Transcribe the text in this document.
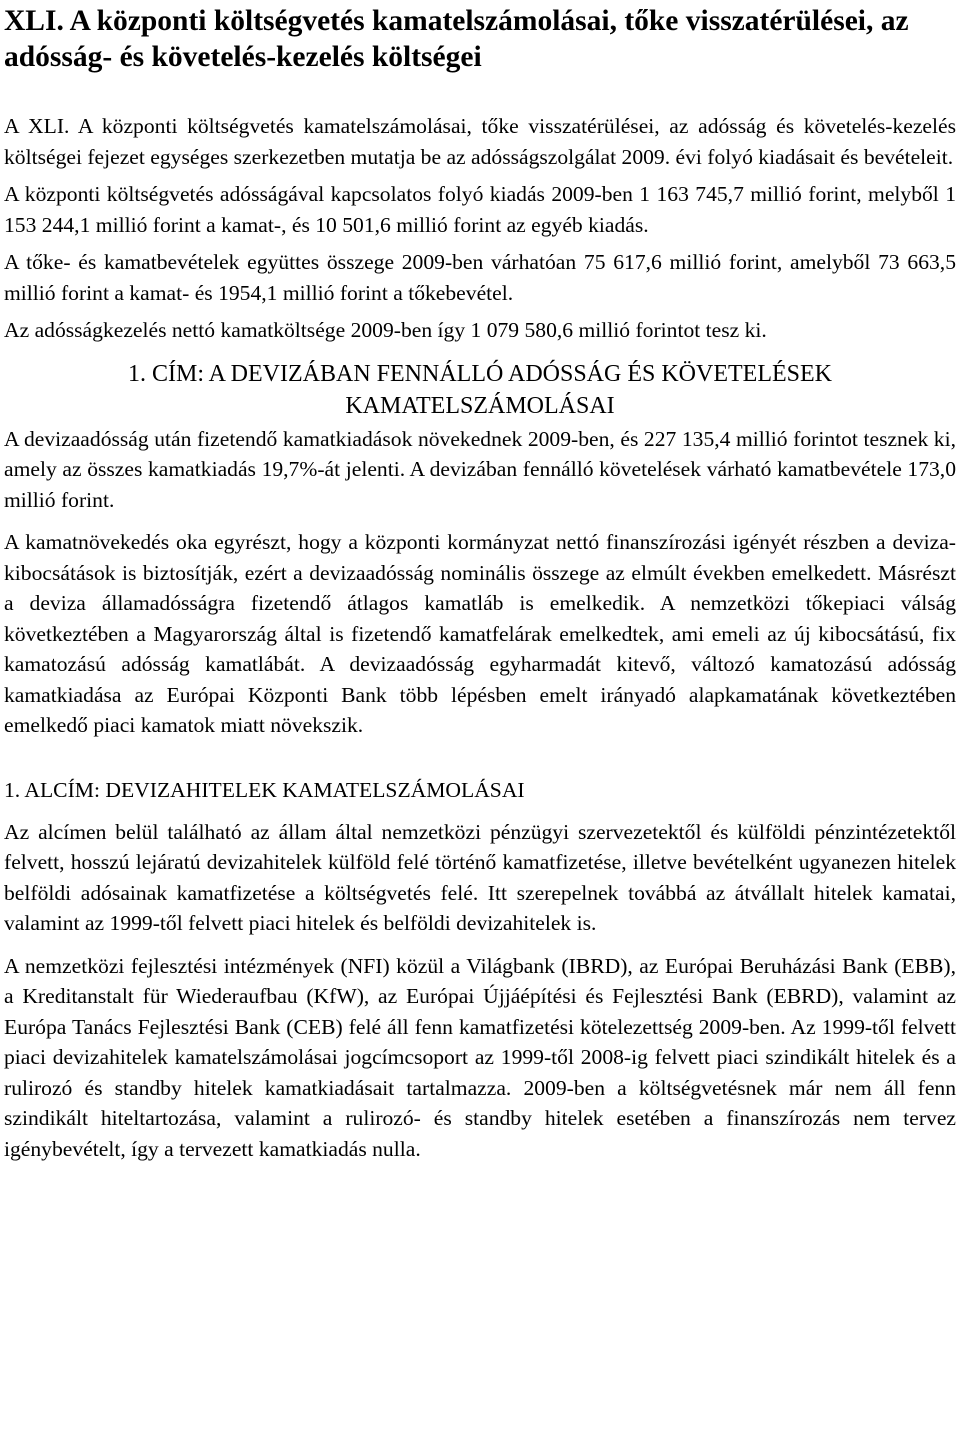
XLI. A központi költségvetés kamatelszámolásai, tőke visszatérülései, az adósság- és követelés-kezelés költségei

A XLI. A központi költségvetés kamatelszámolásai, tőke visszatérülései, az adósság és követelés-kezelés költségei fejezet egységes szerkezetben mutatja be az adósságszolgálat 2009. évi folyó kiadásait és bevételeit.

A központi költségvetés adósságával kapcsolatos folyó kiadás 2009-ben 1 163 745,7 millió forint, melyből 1 153 244,1 millió forint a kamat-, és 10 501,6 millió forint az egyéb kiadás.

A tőke- és kamatbevételek együttes összege 2009-ben várhatóan 75 617,6 millió forint, amelyből 73 663,5 millió forint a kamat- és 1954,1 millió forint a tőkebevétel.

Az adósságkezelés nettó kamatköltsége 2009-ben így 1 079 580,6 millió forintot tesz ki.

1. CÍM: A DEVIZÁBAN FENNÁLLÓ ADÓSSÁG ÉS KÖVETELÉSEK KAMATELSZÁMOLÁSAI

A devizaadósság után fizetendő kamatkiadások növekednek 2009-ben, és 227 135,4 millió forintot tesznek ki, amely az összes kamatkiadás 19,7%-át jelenti. A devizában fennálló követelések várható kamatbevétele 173,0 millió forint.

A kamatnövekedés oka egyrészt, hogy a központi kormányzat nettó finanszírozási igényét részben a deviza-kibocsátások is biztosítják, ezért a devizaadósság nominális összege az elmúlt években emelkedett. Másrészt a deviza államadósságra fizetendő átlagos kamatláb is emelkedik. A nemzetközi tőkepiaci válság következtében a Magyarország által is fizetendő kamatfelárak emelkedtek, ami emeli az új kibocsátású, fix kamatozású adósság kamatlábát. A devizaadósság egyharmadát kitevő, változó kamatozású adósság kamatkiadása az Európai Központi Bank több lépésben emelt irányadó alapkamatának következtében emelkedő piaci kamatok miatt növekszik.

1. ALCÍM: DEVIZAHITELEK KAMATELSZÁMOLÁSAI

Az alcímen belül található az állam által nemzetközi pénzügyi szervezetektől és külföldi pénzintézetektől felvett, hosszú lejáratú devizahitelek külföld felé történő kamatfizetése, illetve bevételként ugyanezen hitelek belföldi adósainak kamatfizetése a költségvetés felé. Itt szerepelnek továbbá az átvállalt hitelek kamatai, valamint az 1999-től felvett piaci hitelek és belföldi devizahitelek is.

A nemzetközi fejlesztési intézmények (NFI) közül a Világbank (IBRD), az Európai Beruházási Bank (EBB), a Kreditanstalt für Wiederaufbau (KfW), az Európai Újjáépítési és Fejlesztési Bank (EBRD), valamint az Európa Tanács Fejlesztési Bank (CEB) felé áll fenn kamatfizetési kötelezettség 2009-ben. Az 1999-től felvett piaci devizahitelek kamatelszámolásai jogcímcsoport az 1999-től 2008-ig felvett piaci szindikált hitelek és a rulirozó és standby hitelek kamatkiadásait tartalmazza. 2009-ben a költségvetésnek már nem áll fenn szindikált hiteltartozása, valamint a rulirozó- és standby hitelek esetében a finanszírozás nem tervez igénybevételt, így a tervezett kamatkiadás nulla.
